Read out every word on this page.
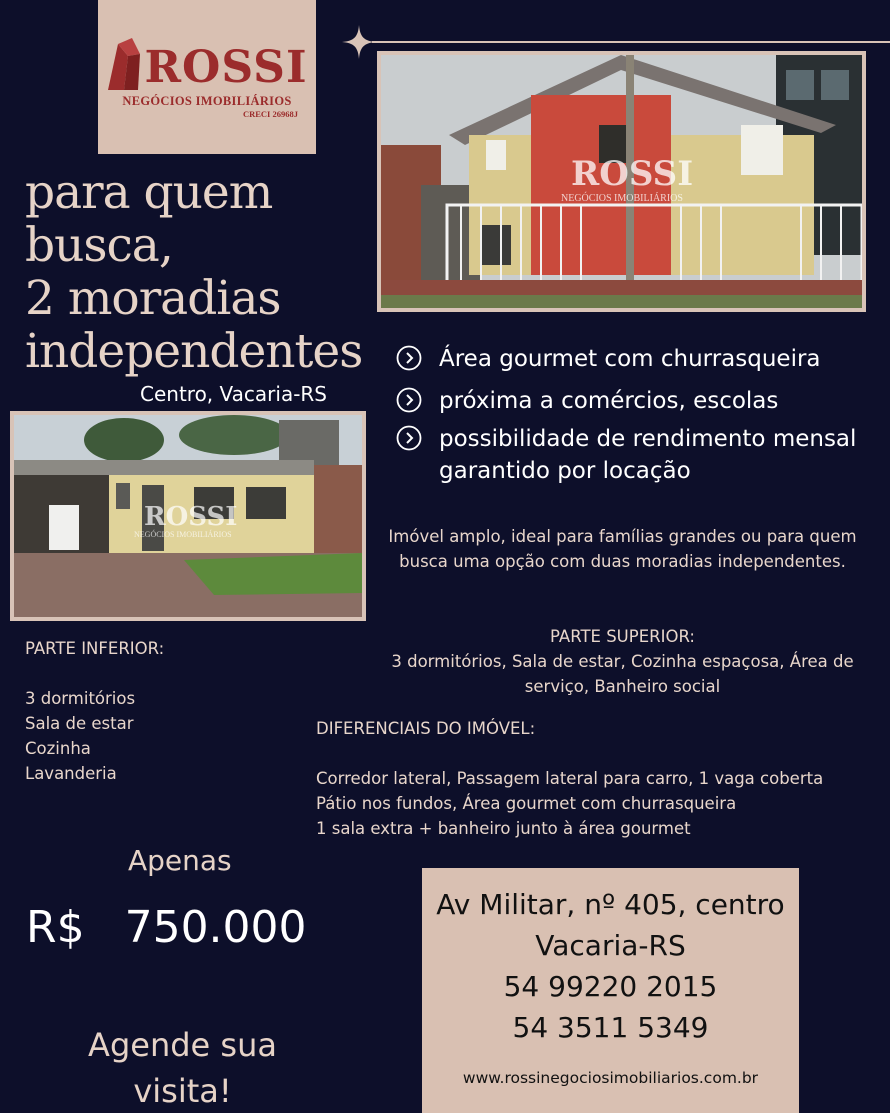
ROSSI
NEGÓCIOS IMOBILIÁRIOS
CRECI 26968J
ROSSI
NEGÓCIOS IMOBILIÁRIOS
para quem
busca,
2 moradias
independentes
Centro, Vacaria-RS
Área gourmet com churrasqueira
próxima a comércios, escolas
possibilidade de rendimento mensal garantido por locação
ROSSI
NEGÓCIOS IMOBILIÁRIOS	Imóvel amplo, ideal para famílias grandes ou para quem busca uma opção com duas moradias independentes.
PARTE SUPERIOR:
3 dormitórios, Sala de estar, Cozinha espaçosa, Área de serviço, Banheiro social
DIFERENCIAIS DO IMÓVEL:
Corredor lateral, Passagem lateral para carro, 1 vaga coberta
Pátio nos fundos, Área gourmet com churrasqueira
1 sala extra + banheiro junto à área gourmet
PARTE INFERIOR:
3 dormitórios
Sala de estar
Cozinha
Lavanderia
Apenas
R$ 750.000
Agende sua
visita!
Av Militar, nº 405, centro
Vacaria-RS
54 99220 2015
54 3511 5349
www.rossinegociosimobiliarios.com.br
